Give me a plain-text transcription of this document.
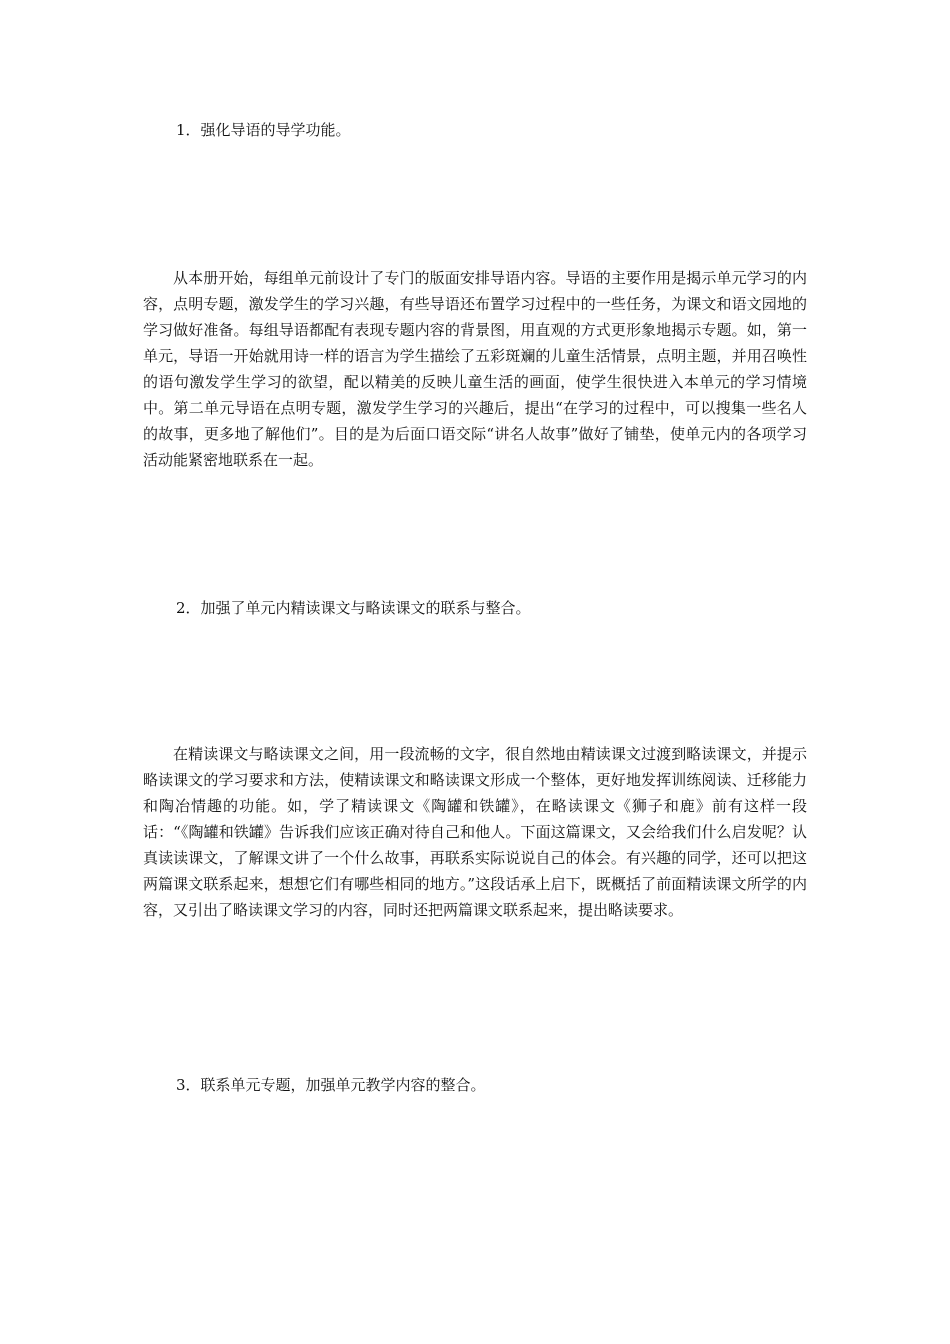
1．强化导语的导学功能。
从本册开始，每组单元前设计了专门的版面安排导语内容。导语的主要作用是揭示单元学习的内容，点明专题，激发学生的学习兴趣，有些导语还布置学习过程中的一些任务，为课文和语文园地的学习做好准备。每组导语都配有表现专题内容的背景图，用直观的方式更形象地揭示专题。如，第一单元，导语一开始就用诗一样的语言为学生描绘了五彩斑斓的儿童生活情景，点明主题，并用召唤性的语句激发学生学习的欲望，配以精美的反映儿童生活的画面，使学生很快进入本单元的学习情境中。第二单元导语在点明专题，激发学生学习的兴趣后，提出“在学习的过程中，可以搜集一些名人的故事，更多地了解他们”。目的是为后面口语交际“讲名人故事”做好了铺垫，使单元内的各项学习活动能紧密地联系在一起。
2．加强了单元内精读课文与略读课文的联系与整合。
在精读课文与略读课文之间，用一段流畅的文字，很自然地由精读课文过渡到略读课文，并提示略读课文的学习要求和方法，使精读课文和略读课文形成一个整体，更好地发挥训练阅读、迁移能力和陶冶情趣的功能。如，学了精读课文《陶罐和铁罐》，在略读课文《狮子和鹿》前有这样一段话：“《陶罐和铁罐》告诉我们应该正确对待自己和他人。下面这篇课文，又会给我们什么启发呢？认真读读课文，了解课文讲了一个什么故事，再联系实际说说自己的体会。有兴趣的同学，还可以把这两篇课文联系起来，想想它们有哪些相同的地方。”这段话承上启下，既概括了前面精读课文所学的内容，又引出了略读课文学习的内容，同时还把两篇课文联系起来，提出略读要求。
3．联系单元专题，加强单元教学内容的整合。
